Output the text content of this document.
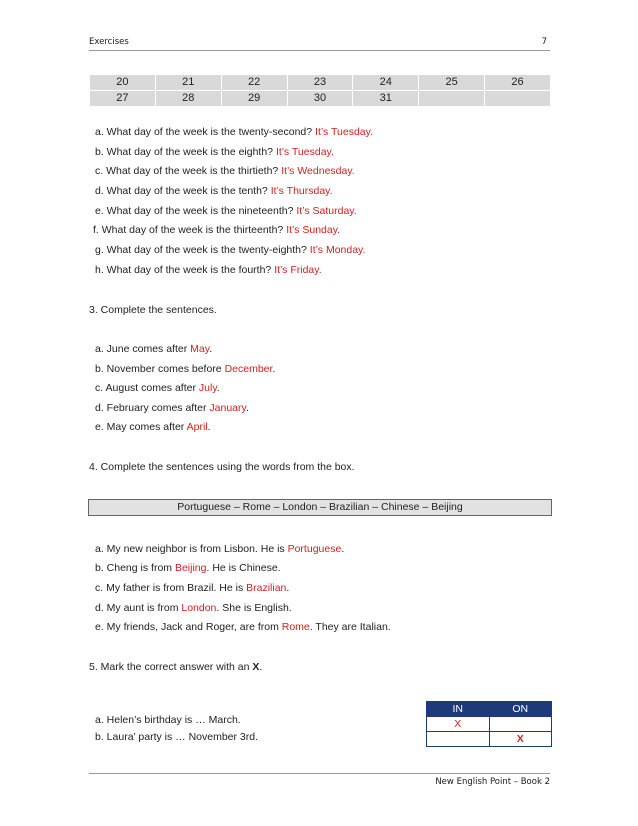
Exercises	7
20	21	22	23	24	25	26
27	28	29	30	31		
a. What day of the week is the twenty-second? It’s Tuesday.
b. What day of the week is the eighth? It’s Tuesday.
c. What day of the week is the thirtieth? It’s Wednesday.
d. What day of the week is the tenth? It’s Thursday.
e. What day of the week is the nineteenth? It’s Saturday.
f. What day of the week is the thirteenth? It’s Sunday.
g. What day of the week is the twenty-eighth? It’s Monday.
h. What day of the week is the fourth? It’s Friday.
3. Complete the sentences.
a. June comes after May.
b. November comes before December.
c. August comes after July.
d. February comes after January.
e. May comes after April.
4. Complete the sentences using the words from the box.
Portuguese – Rome – London – Brazilian – Chinese – Beijing
a. My new neighbor is from Lisbon. He is Portuguese.
b. Cheng is from Beijing. He is Chinese.
c. My father is from Brazil. He is Brazilian.
d. My aunt is from London. She is English.
e. My friends, Jack and Roger, are from Rome. They are Italian.
5. Mark the correct answer with an X.
a. Helen’s birthday is … March.
b. Laura’ party is … November 3rd.
IN	ON
X	
	X
New English Point – Book 2
